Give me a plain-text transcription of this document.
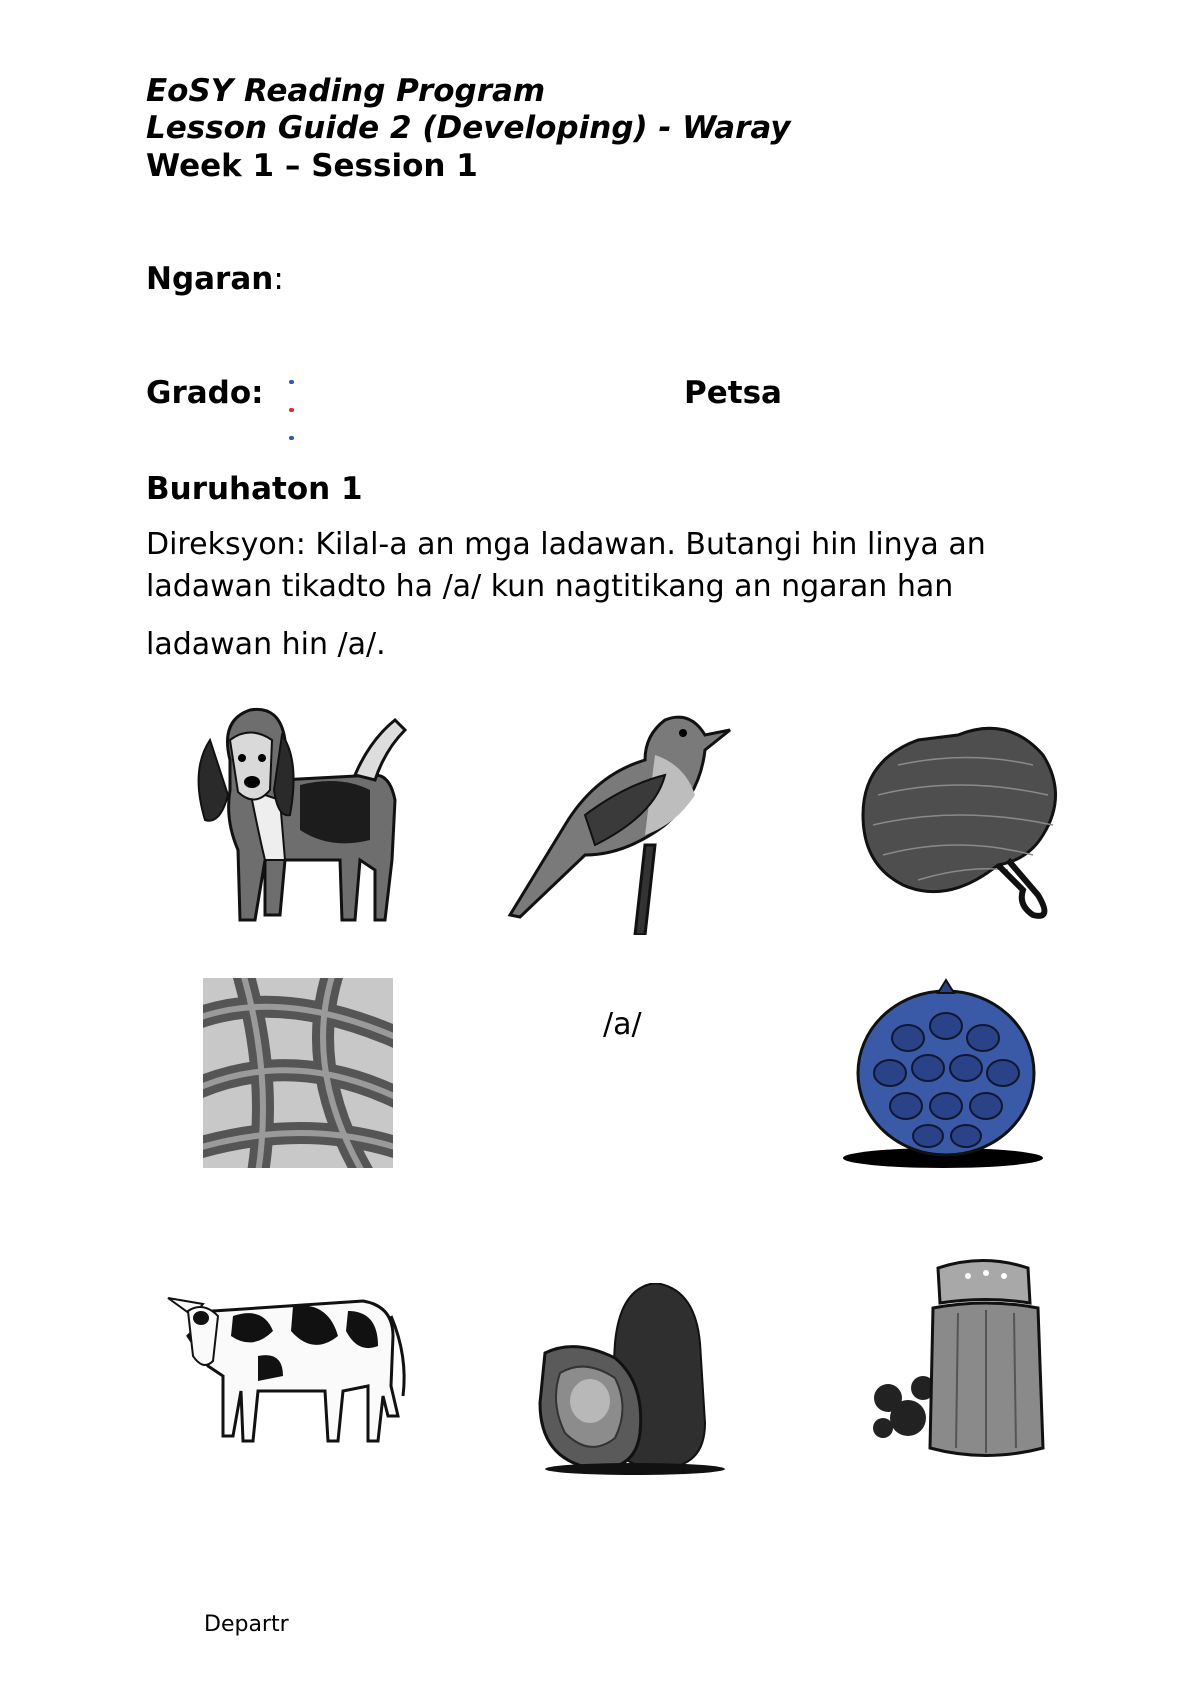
EoSY Reading Program
Lesson Guide 2 (Developing) - Waray
Week 1 – Session 1
Ngaran:
Grado:	Petsa
Buruhaton 1
Direksyon: Kilal-a an mga ladawan. Butangi hin linya an
ladawan tikadto ha /a/ kun nagtitikang an ngaran han
ladawan hin /a/.
/a/
Departr
